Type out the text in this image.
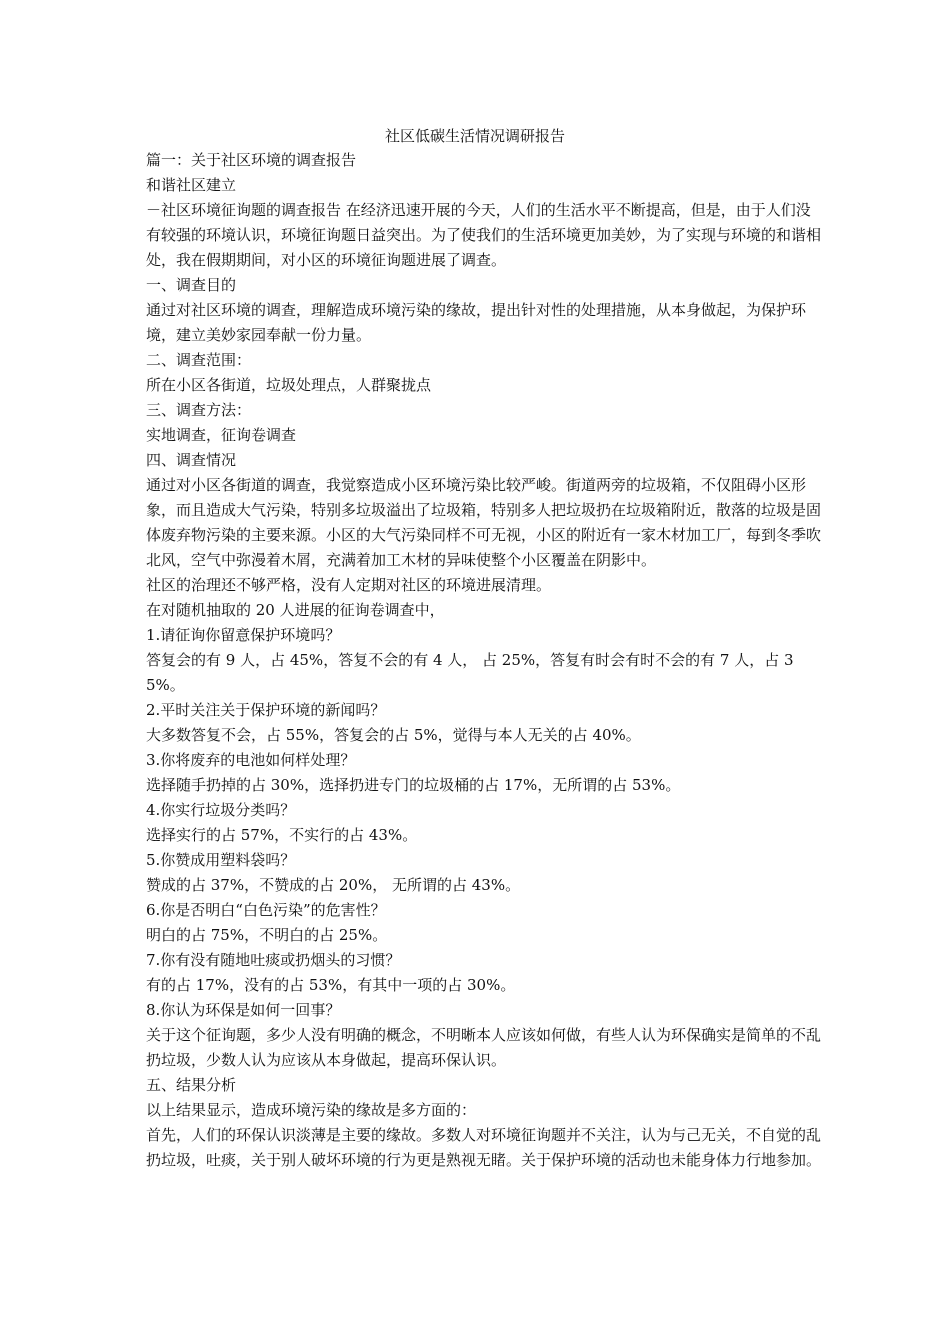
社区低碳生活情况调研报告

篇一：关于社区环境的调查报告

和谐社区建立

－社区环境征询题的调查报告 在经济迅速开展的今天，人们的生活水平不断提高，但是，由于人们没有较强的环境认识，环境征询题日益突出。为了使我们的生活环境更加美妙，为了实现与环境的和谐相处，我在假期期间，对小区的环境征询题进展了调查。

一、调查目的

通过对社区环境的调查，理解造成环境污染的缘故，提出针对性的处理措施，从本身做起，为保护环境，建立美妙家园奉献一份力量。

二、调查范围：

所在小区各街道，垃圾处理点，人群聚拢点

三、调查方法：

实地调查，征询卷调查

四、调查情况

通过对小区各街道的调查，我觉察造成小区环境污染比较严峻。街道两旁的垃圾箱，不仅阻碍小区形象，而且造成大气污染，特别多垃圾溢出了垃圾箱，特别多人把垃圾扔在垃圾箱附近，散落的垃圾是固体废弃物污染的主要来源。小区的大气污染同样不可无视，小区的附近有一家木材加工厂，每到冬季吹北风，空气中弥漫着木屑，充满着加工木材的异味使整个小区覆盖在阴影中。

社区的治理还不够严格，没有人定期对社区的环境进展清理。

在对随机抽取的 20 人进展的征询卷调查中，

1.请征询你留意保护环境吗？

答复会的有 9 人，占 45%，答复不会的有 4 人， 占 25%，答复有时会有时不会的有 7 人，占 35%。

2.平时关注关于保护环境的新闻吗？

大多数答复不会，占 55%，答复会的占 5%，觉得与本人无关的占 40%。

3.你将废弃的电池如何样处理？

选择随手扔掉的占 30%，选择扔进专门的垃圾桶的占 17%，无所谓的占 53%。

4.你实行垃圾分类吗？

选择实行的占 57%，不实行的占 43%。

5.你赞成用塑料袋吗？

赞成的占 37%，不赞成的占 20%， 无所谓的占 43%。

6.你是否明白“白色污染”的危害性？

明白的占 75%，不明白的占 25%。

7.你有没有随地吐痰或扔烟头的习惯？

有的占 17%，没有的占 53%，有其中一项的占 30%。

8.你认为环保是如何一回事？

关于这个征询题，多少人没有明确的概念，不明晰本人应该如何做，有些人认为环保确实是简单的不乱扔垃圾，少数人认为应该从本身做起，提高环保认识。

五、结果分析

以上结果显示，造成环境污染的缘故是多方面的：

首先，人们的环保认识淡薄是主要的缘故。多数人对环境征询题并不关注，认为与己无关，不自觉的乱扔垃圾，吐痰，关于别人破坏环境的行为更是熟视无睹。关于保护环境的活动也未能身体力行地参加。
